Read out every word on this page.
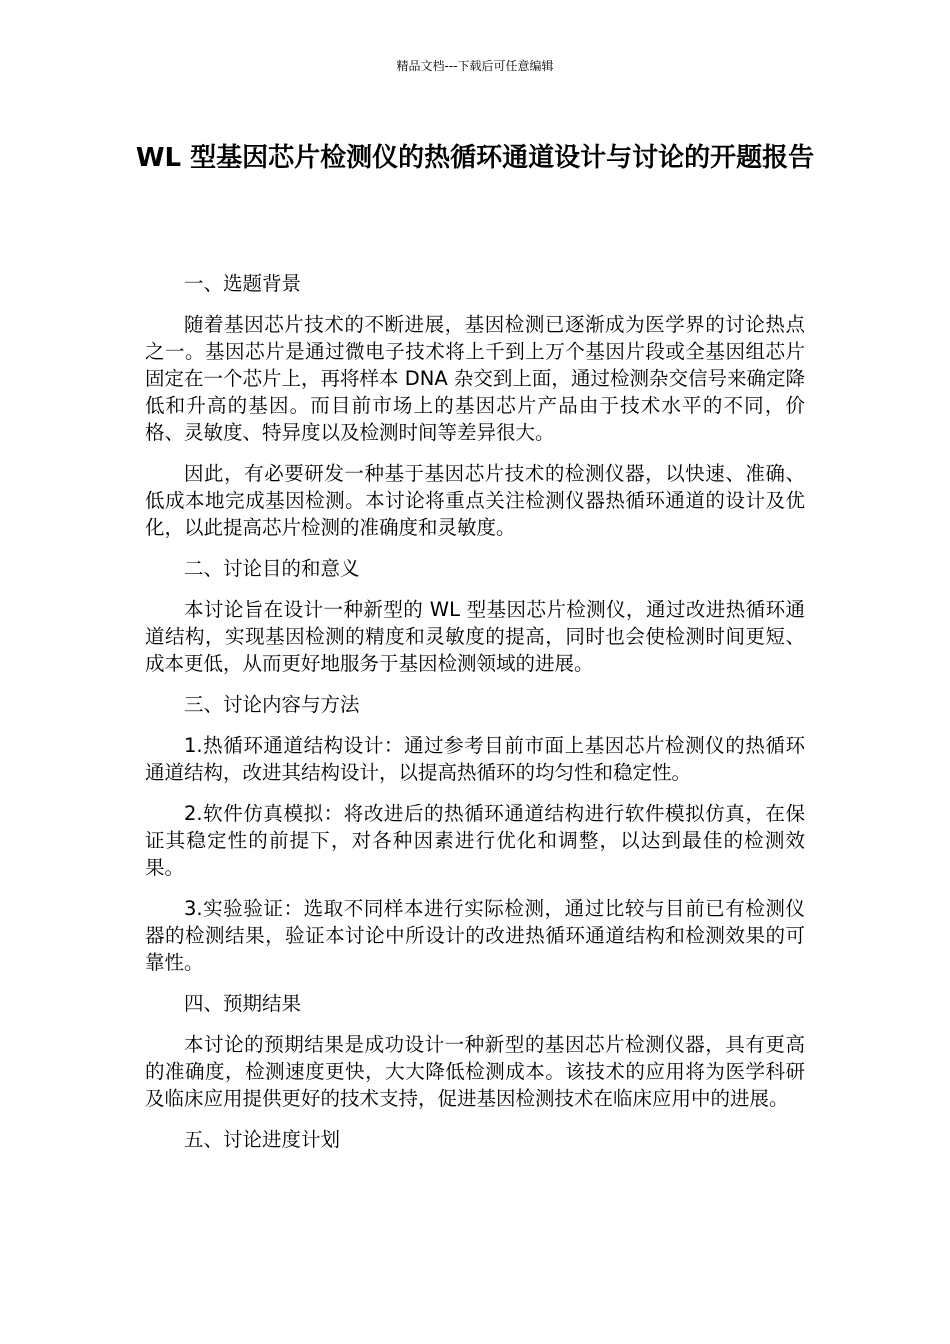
精品文档---下载后可任意编辑
WL 型基因芯片检测仪的热循环通道设计与讨论的开题报告
一、选题背景
随着基因芯片技术的不断进展，基因检测已逐渐成为医学界的讨论热点之一。基因芯片是通过微电子技术将上千到上万个基因片段或全基因组芯片固定在一个芯片上，再将样本 DNA 杂交到上面，通过检测杂交信号来确定降低和升高的基因。而目前市场上的基因芯片产品由于技术水平的不同，价格、灵敏度、特异度以及检测时间等差异很大。
因此，有必要研发一种基于基因芯片技术的检测仪器，以快速、准确、低成本地完成基因检测。本讨论将重点关注检测仪器热循环通道的设计及优化，以此提高芯片检测的准确度和灵敏度。
二、讨论目的和意义
本讨论旨在设计一种新型的 WL 型基因芯片检测仪，通过改进热循环通道结构，实现基因检测的精度和灵敏度的提高，同时也会使检测时间更短、成本更低，从而更好地服务于基因检测领域的进展。
三、讨论内容与方法
1.热循环通道结构设计：通过参考目前市面上基因芯片检测仪的热循环通道结构，改进其结构设计，以提高热循环的均匀性和稳定性。
2.软件仿真模拟：将改进后的热循环通道结构进行软件模拟仿真，在保证其稳定性的前提下，对各种因素进行优化和调整，以达到最佳的检测效果。
3.实验验证：选取不同样本进行实际检测，通过比较与目前已有检测仪器的检测结果，验证本讨论中所设计的改进热循环通道结构和检测效果的可靠性。
四、预期结果
本讨论的预期结果是成功设计一种新型的基因芯片检测仪器，具有更高的准确度，检测速度更快，大大降低检测成本。该技术的应用将为医学科研及临床应用提供更好的技术支持，促进基因检测技术在临床应用中的进展。
五、讨论进度计划
